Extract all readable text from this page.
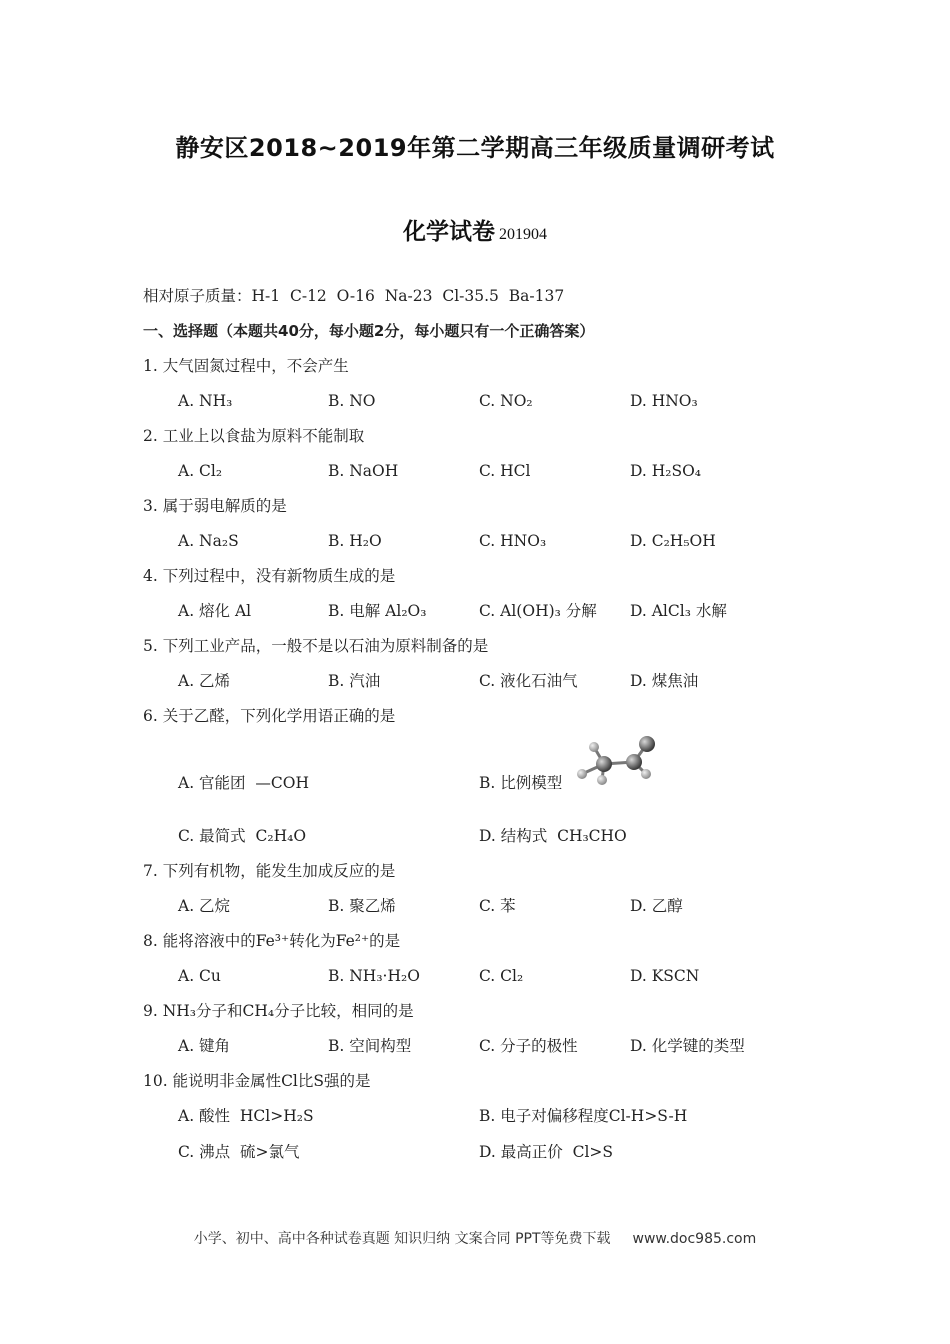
静安区2018~2019年第二学期高三年级质量调研考试
化学试卷 201904
相对原子质量：H-1  C-12  O-16  Na-23  Cl-35.5  Ba-137
一、选择题（本题共40分，每小题2分，每小题只有一个正确答案）
1. 大气固氮过程中，不会产生
A. NH₃	B. NO	C. NO₂	D. HNO₃
2. 工业上以食盐为原料不能制取
A. Cl₂	B. NaOH	C. HCl	D. H₂SO₄
3. 属于弱电解质的是
A. Na₂S	B. H₂O	C. HNO₃	D. C₂H₅OH
4. 下列过程中，没有新物质生成的是
A. 熔化 Al	B. 电解 Al₂O₃	C. Al(OH)₃ 分解 D. AlCl₃ 水解
5. 下列工业产品，一般不是以石油为原料制备的是
A. 乙烯	B. 汽油	C. 液化石油气	D. 煤焦油
6. 关于乙醛，下列化学用语正确的是
A. 官能团  —COH	B. 比例模型
C. 最简式  C₂H₄O	D. 结构式  CH₃CHO
7. 下列有机物，能发生加成反应的是
A. 乙烷	B. 聚乙烯	C. 苯	D. 乙醇
8. 能将溶液中的Fe³⁺转化为Fe²⁺的是
A. Cu	B. NH₃·H₂O	C. Cl₂	D. KSCN
9. NH₃分子和CH₄分子比较，相同的是
A. 键角	B. 空间构型	C. 分子的极性	D. 化学键的类型
10. 能说明非金属性Cl比S强的是
A. 酸性  HCl>H₂S	B. 电子对偏移程度Cl-H>S-H
C. 沸点  硫>氯气	D. 最高正价  Cl>S
小学、初中、高中各种试卷真题 知识归纳 文案合同 PPT等免费下载 www.doc985.com
